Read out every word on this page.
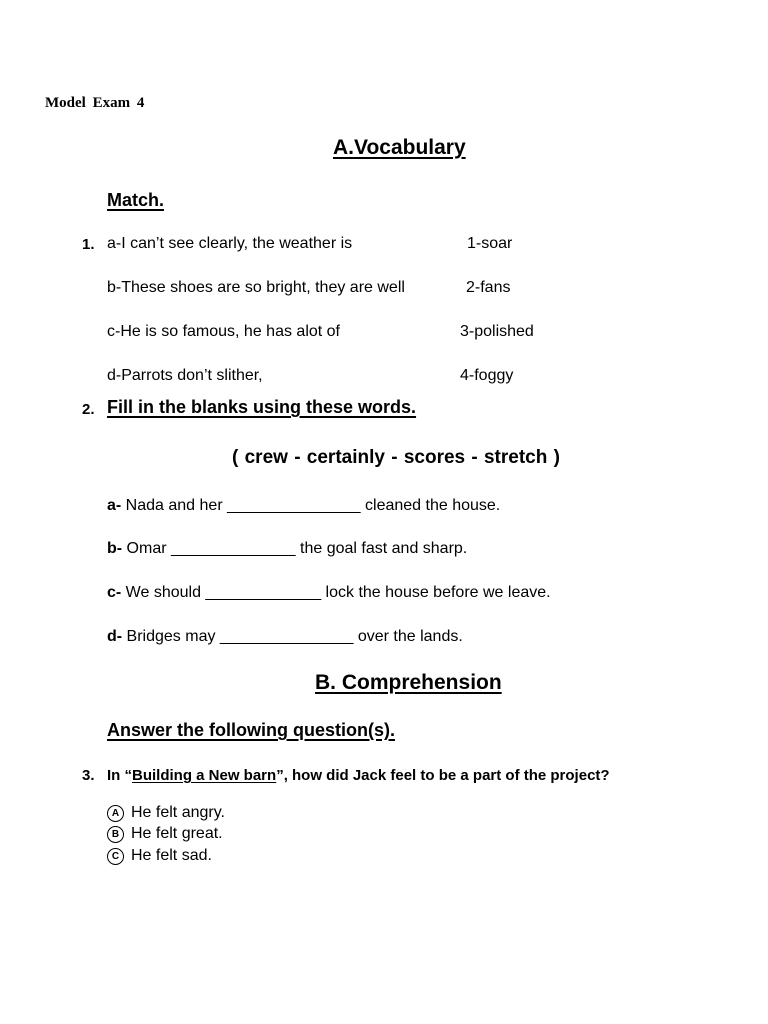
Model Exam 4
A.Vocabulary
Match.
1. a-I can’t see clearly, the weather is
b-These shoes are so bright, they are well
c-He is so famous, he has alot of
d-Parrots don’t slither,
1-soar
2-fans
3-polished
4-foggy
2. Fill in the blanks using these words.
( crew - certainly - scores - stretch )
a- Nada and her _______________ cleaned the house.
b- Omar ______________ the goal fast and sharp.
c- We should _____________ lock the house before we leave.
d- Bridges may _______________ over the lands.
B. Comprehension
Answer the following question(s).
3. In “Building a New barn”, how did Jack feel to be a part of the project?
A He felt angry.
B He felt great.
C He felt sad.
